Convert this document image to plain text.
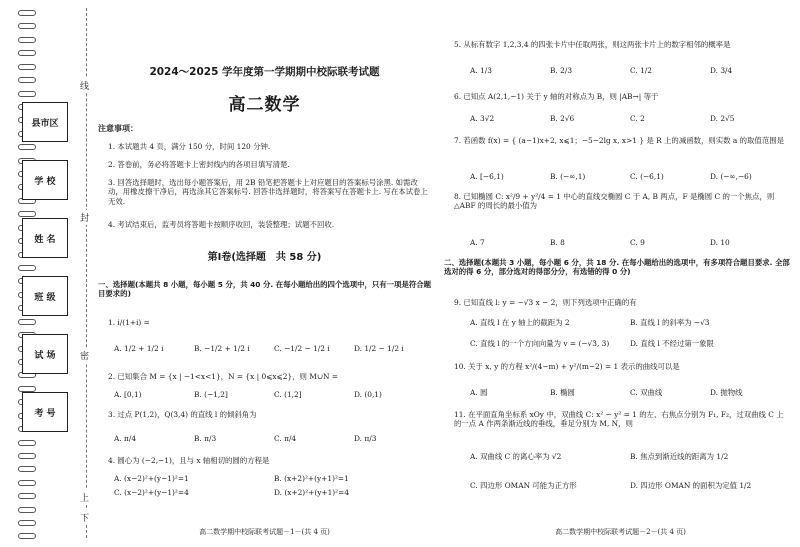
线
封
密
上
下
县市区
学 校
姓 名
班 级
试 场
考 号
2024～2025 学年度第一学期期中校际联考试题
高二数学
注意事项：
1. 本试题共 4 页，满分 150 分，时间 120 分钟.
2. 答卷前，务必将答题卡上密封线内的各项目填写清楚.
3. 回答选择题时，选出每小题答案后，用 2B 铅笔把答题卡上对应题目的答案标号涂黑. 如需改动，用橡皮擦干净后，再选涂其它答案标号. 回答非选择题时，将答案写在答题卡上. 写在本试卷上无效.
4. 考试结束后，监考员将答题卡按顺序收回，装袋整理；试题不回收.
第Ⅰ卷(选择题　共 58 分)
一、选择题(本题共 8 小题，每小题 5 分，共 40 分. 在每小题给出的四个选项中，只有一项是符合题目要求的)
1. i/(1+i) =
A. 1/2 + 1/2 i	B. −1/2 + 1/2 i	C. −1/2 − 1/2 i	D. 1/2 − 1/2 i
2. 已知集合 M = {x | −1<x<1}，N = {x | 0⩽x⩽2}，则 M∪N =
A. [0,1)	B. (−1,2]	C. (1,2]	D. (0,1)
3. 过点 P(1,2)，Q(3,4) 的直线 l 的倾斜角为
A. π/4	B. π/3	C. π/4	D. π/3
4. 圆心为 (−2,−1)，且与 x 轴相切的圆的方程是
A. (x−2)²+(y−1)²=1	B. (x+2)²+(y+1)²=1
C. (x−2)²+(y−1)²=4	D. (x+2)²+(y+1)²=4
高二数学期中校际联考试题－1－(共 4 页)
5. 从标有数字 1,2,3,4 的四张卡片中任取两张，则这两张卡片上的数字相邻的概率是
A. 1/3	B. 2/3	C. 1/2	D. 3/4
6. 已知点 A(2,1,−1) 关于 y 轴的对称点为 B，则 |AB→| 等于
A. 3√2	B. 2√6	C. 2	D. 2√5
7. 若函数 f(x) = { (a−1)x+2, x⩽1；−5−2lg x, x>1 } 是 R 上的减函数，则实数 a 的取值范围是
A. [−6,1)	B. (−∞,1)	C. (−6,1)	D. (−∞,−6)
8. 已知椭圆 C: x²/9 + y²/4 = 1 中心的直线交椭圆 C 于 A, B 两点，F 是椭圆 C 的一个焦点，则 △ABF 的周长的最小值为
A. 7	B. 8	C. 9	D. 10
二、选择题(本题共 3 小题，每小题 6 分，共 18 分. 在每小题给出的选项中，有多项符合题目要求. 全部选对的得 6 分，部分选对的得部分分，有选错的得 0 分)
9. 已知直线 l: y = −√3 x − 2，则下列选项中正确的有
A. 直线 l 在 y 轴上的截距为 2	B. 直线 l 的斜率为 −√3
C. 直线 l 的一个方向向量为 v = (−√3, 3)	D. 直线 l 不经过第一象限
10. 关于 x, y 的方程 x²/(4−m) + y²/(m−2) = 1 表示的曲线可以是
A. 圆	B. 椭圆	C. 双曲线	D. 抛物线
11. 在平面直角坐标系 xOy 中，双曲线 C: x² − y² = 1 的左、右焦点分别为 F₁, F₂，过双曲线 C 上的一点 A 作两条渐近线的垂线，垂足分别为 M, N，则
A. 双曲线 C 的离心率为 √2	B. 焦点到渐近线的距离为 1/2
C. 四边形 OMAN 可能为正方形	D. 四边形 OMAN 的面积为定值 1/2
高二数学期中校际联考试题－2－(共 4 页)
